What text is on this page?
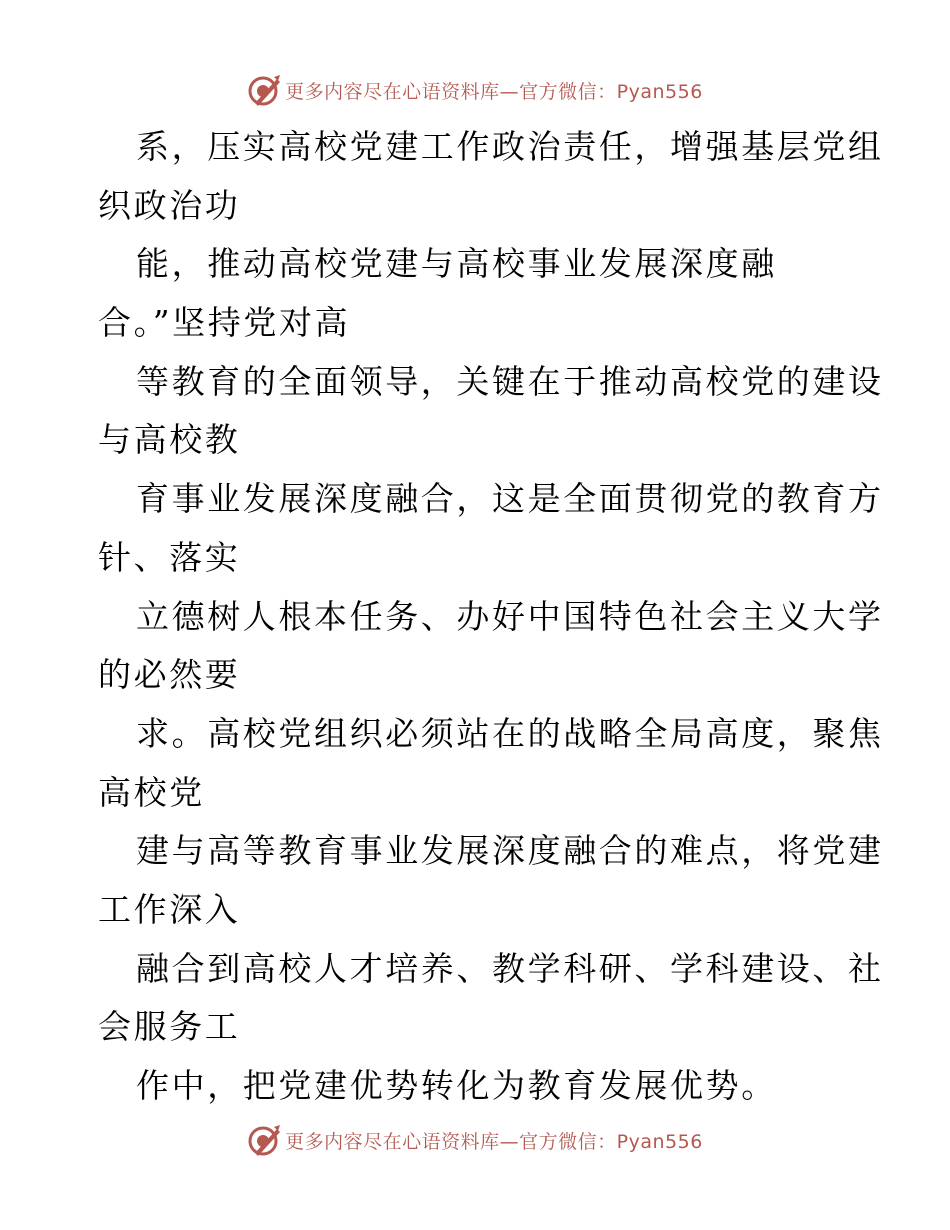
更多内容尽在心语资料库—官方微信：Pyan556
系，压实高校党建工作政治责任，增强基层党组
织政治功
能，推动高校党建与高校事业发展深度融
合。”坚持党对高
等教育的全面领导，关键在于推动高校党的建设
与高校教
育事业发展深度融合，这是全面贯彻党的教育方
针、落实
立德树人根本任务、办好中国特色社会主义大学
的必然要
求。高校党组织必须站在的战略全局高度，聚焦
高校党
建与高等教育事业发展深度融合的难点，将党建
工作深入
融合到高校人才培养、教学科研、学科建设、社
会服务工
作中，把党建优势转化为教育发展优势。
更多内容尽在心语资料库—官方微信：Pyan556
